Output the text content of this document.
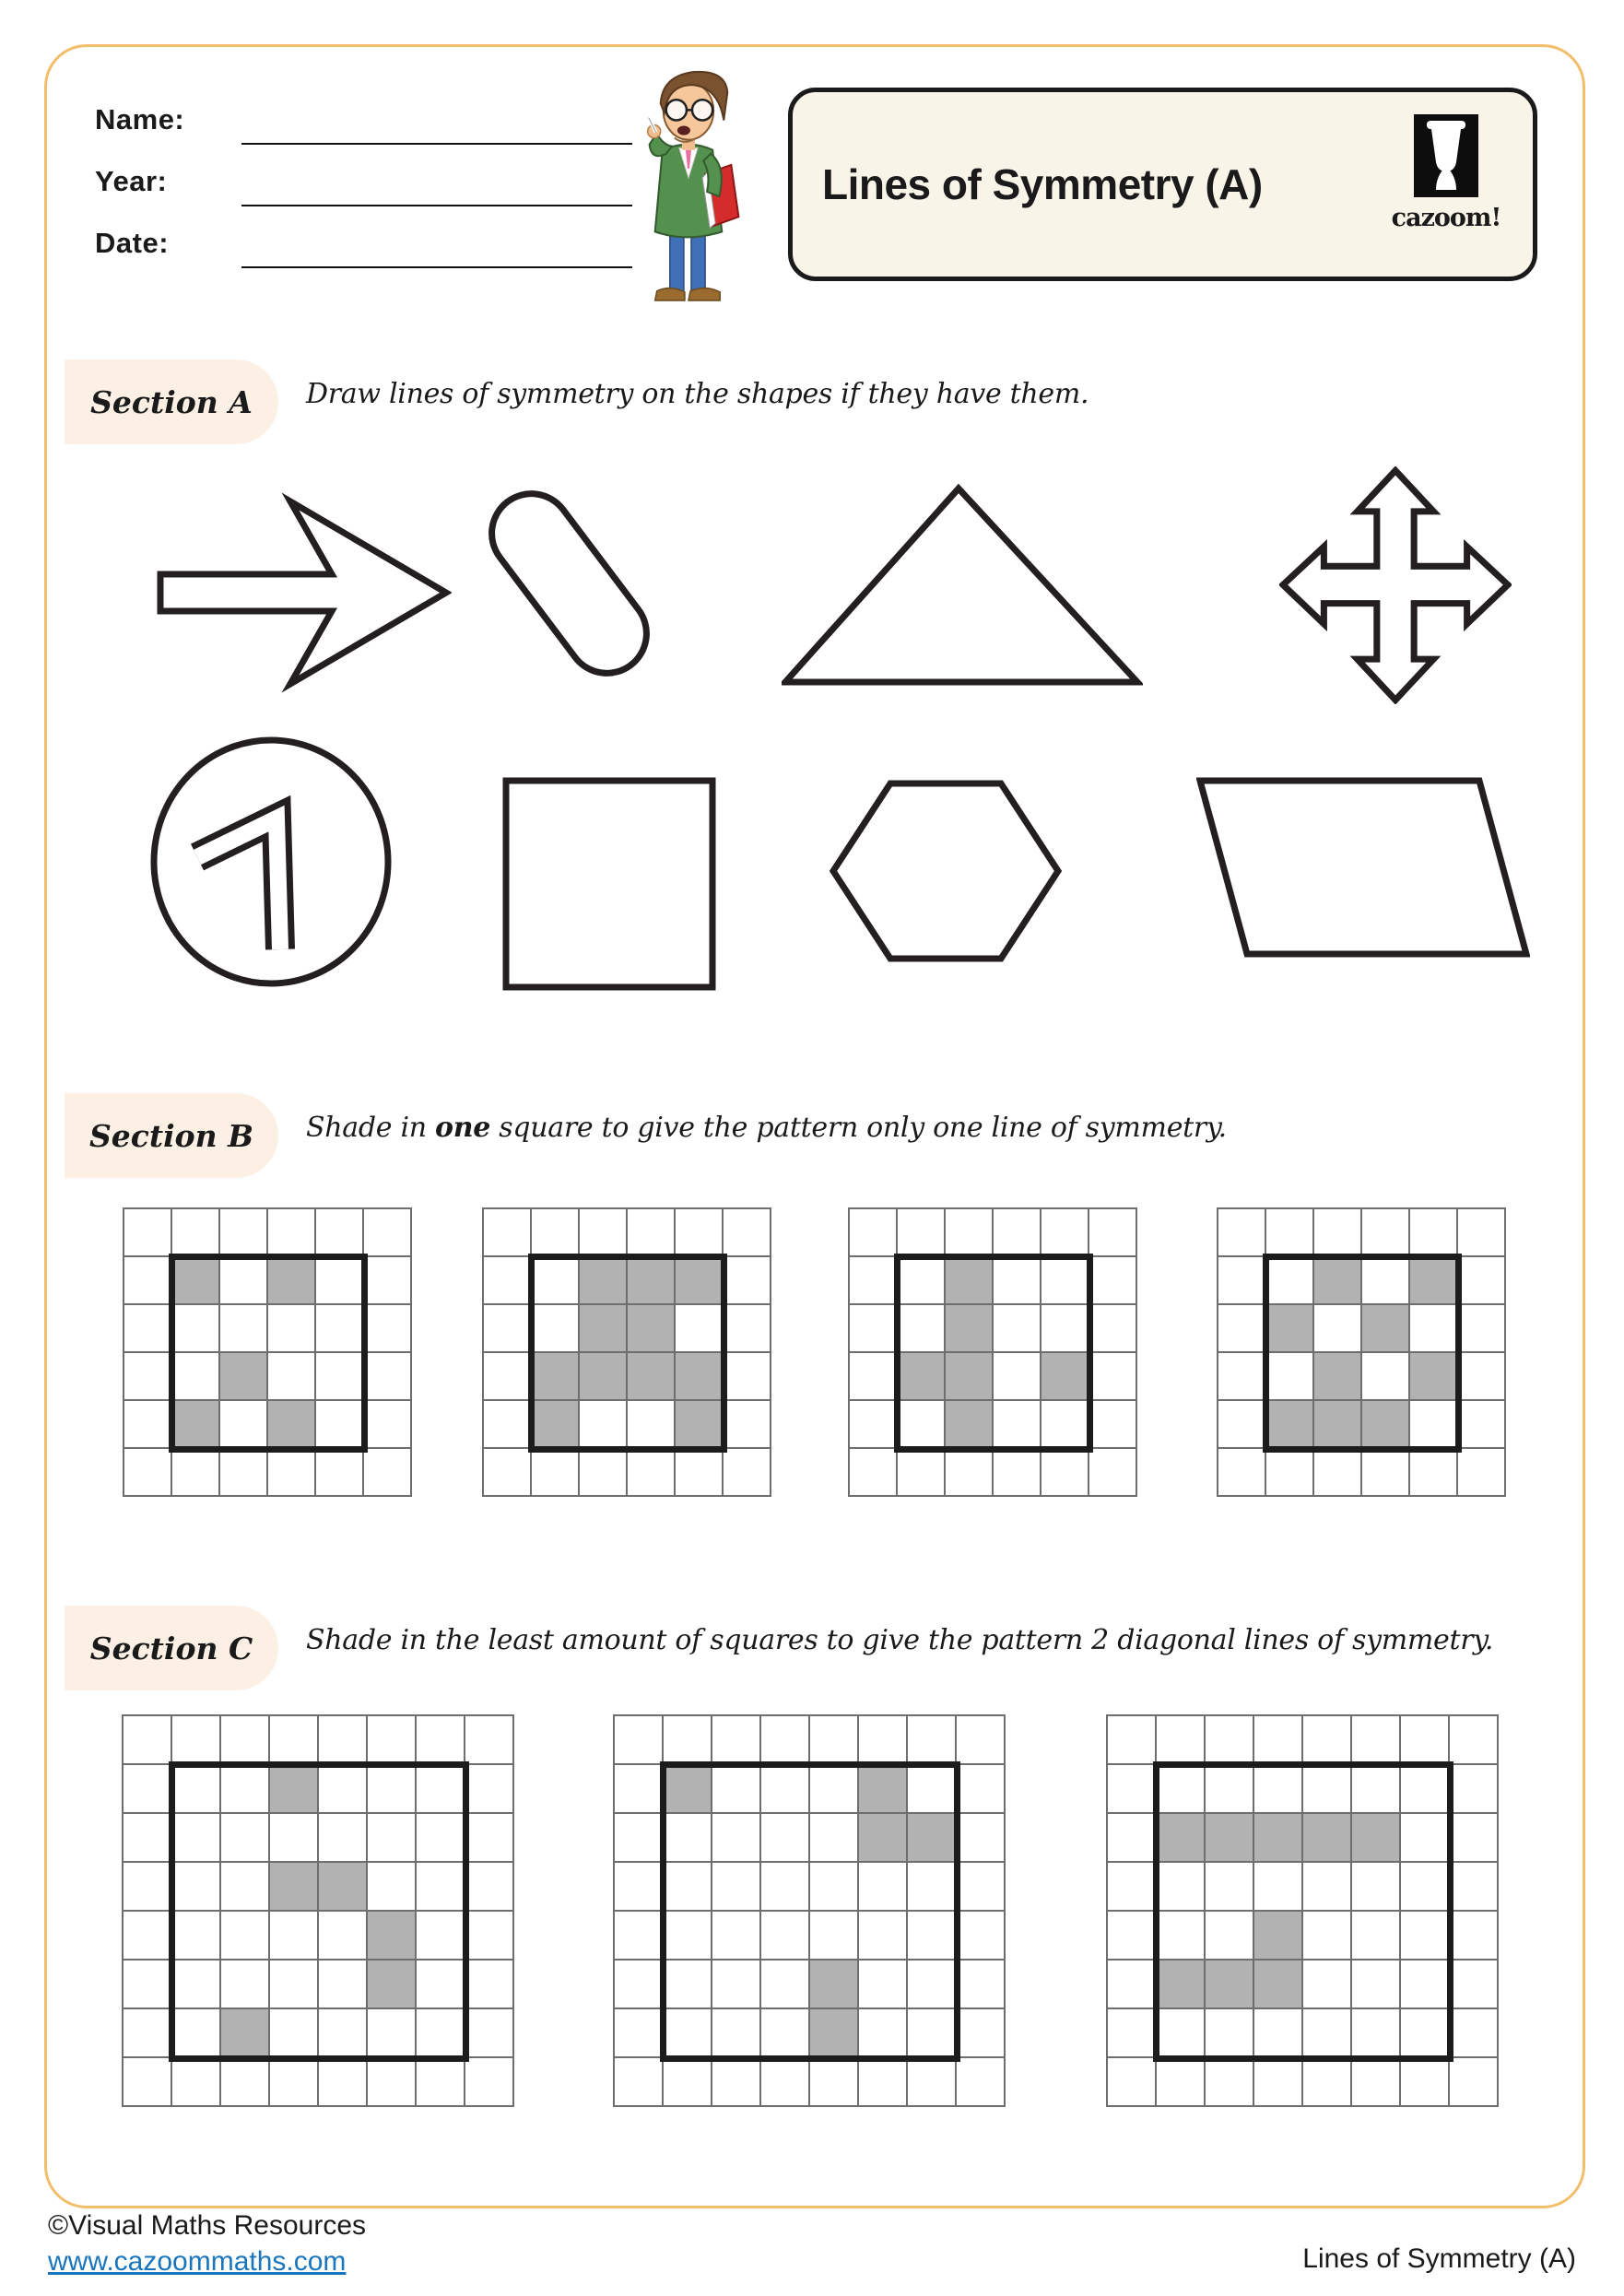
Name:
Year:
Date:
Lines of Symmetry (A)
cazoom!
Section A	Draw lines of symmetry on the shapes if they have them.
Section B	Shade in one square to give the pattern only one line of symmetry.
Section C	Shade in the least amount of squares to give the pattern 2 diagonal lines of symmetry.
©Visual Maths Resources
www.cazoommaths.com	Lines of Symmetry (A)
